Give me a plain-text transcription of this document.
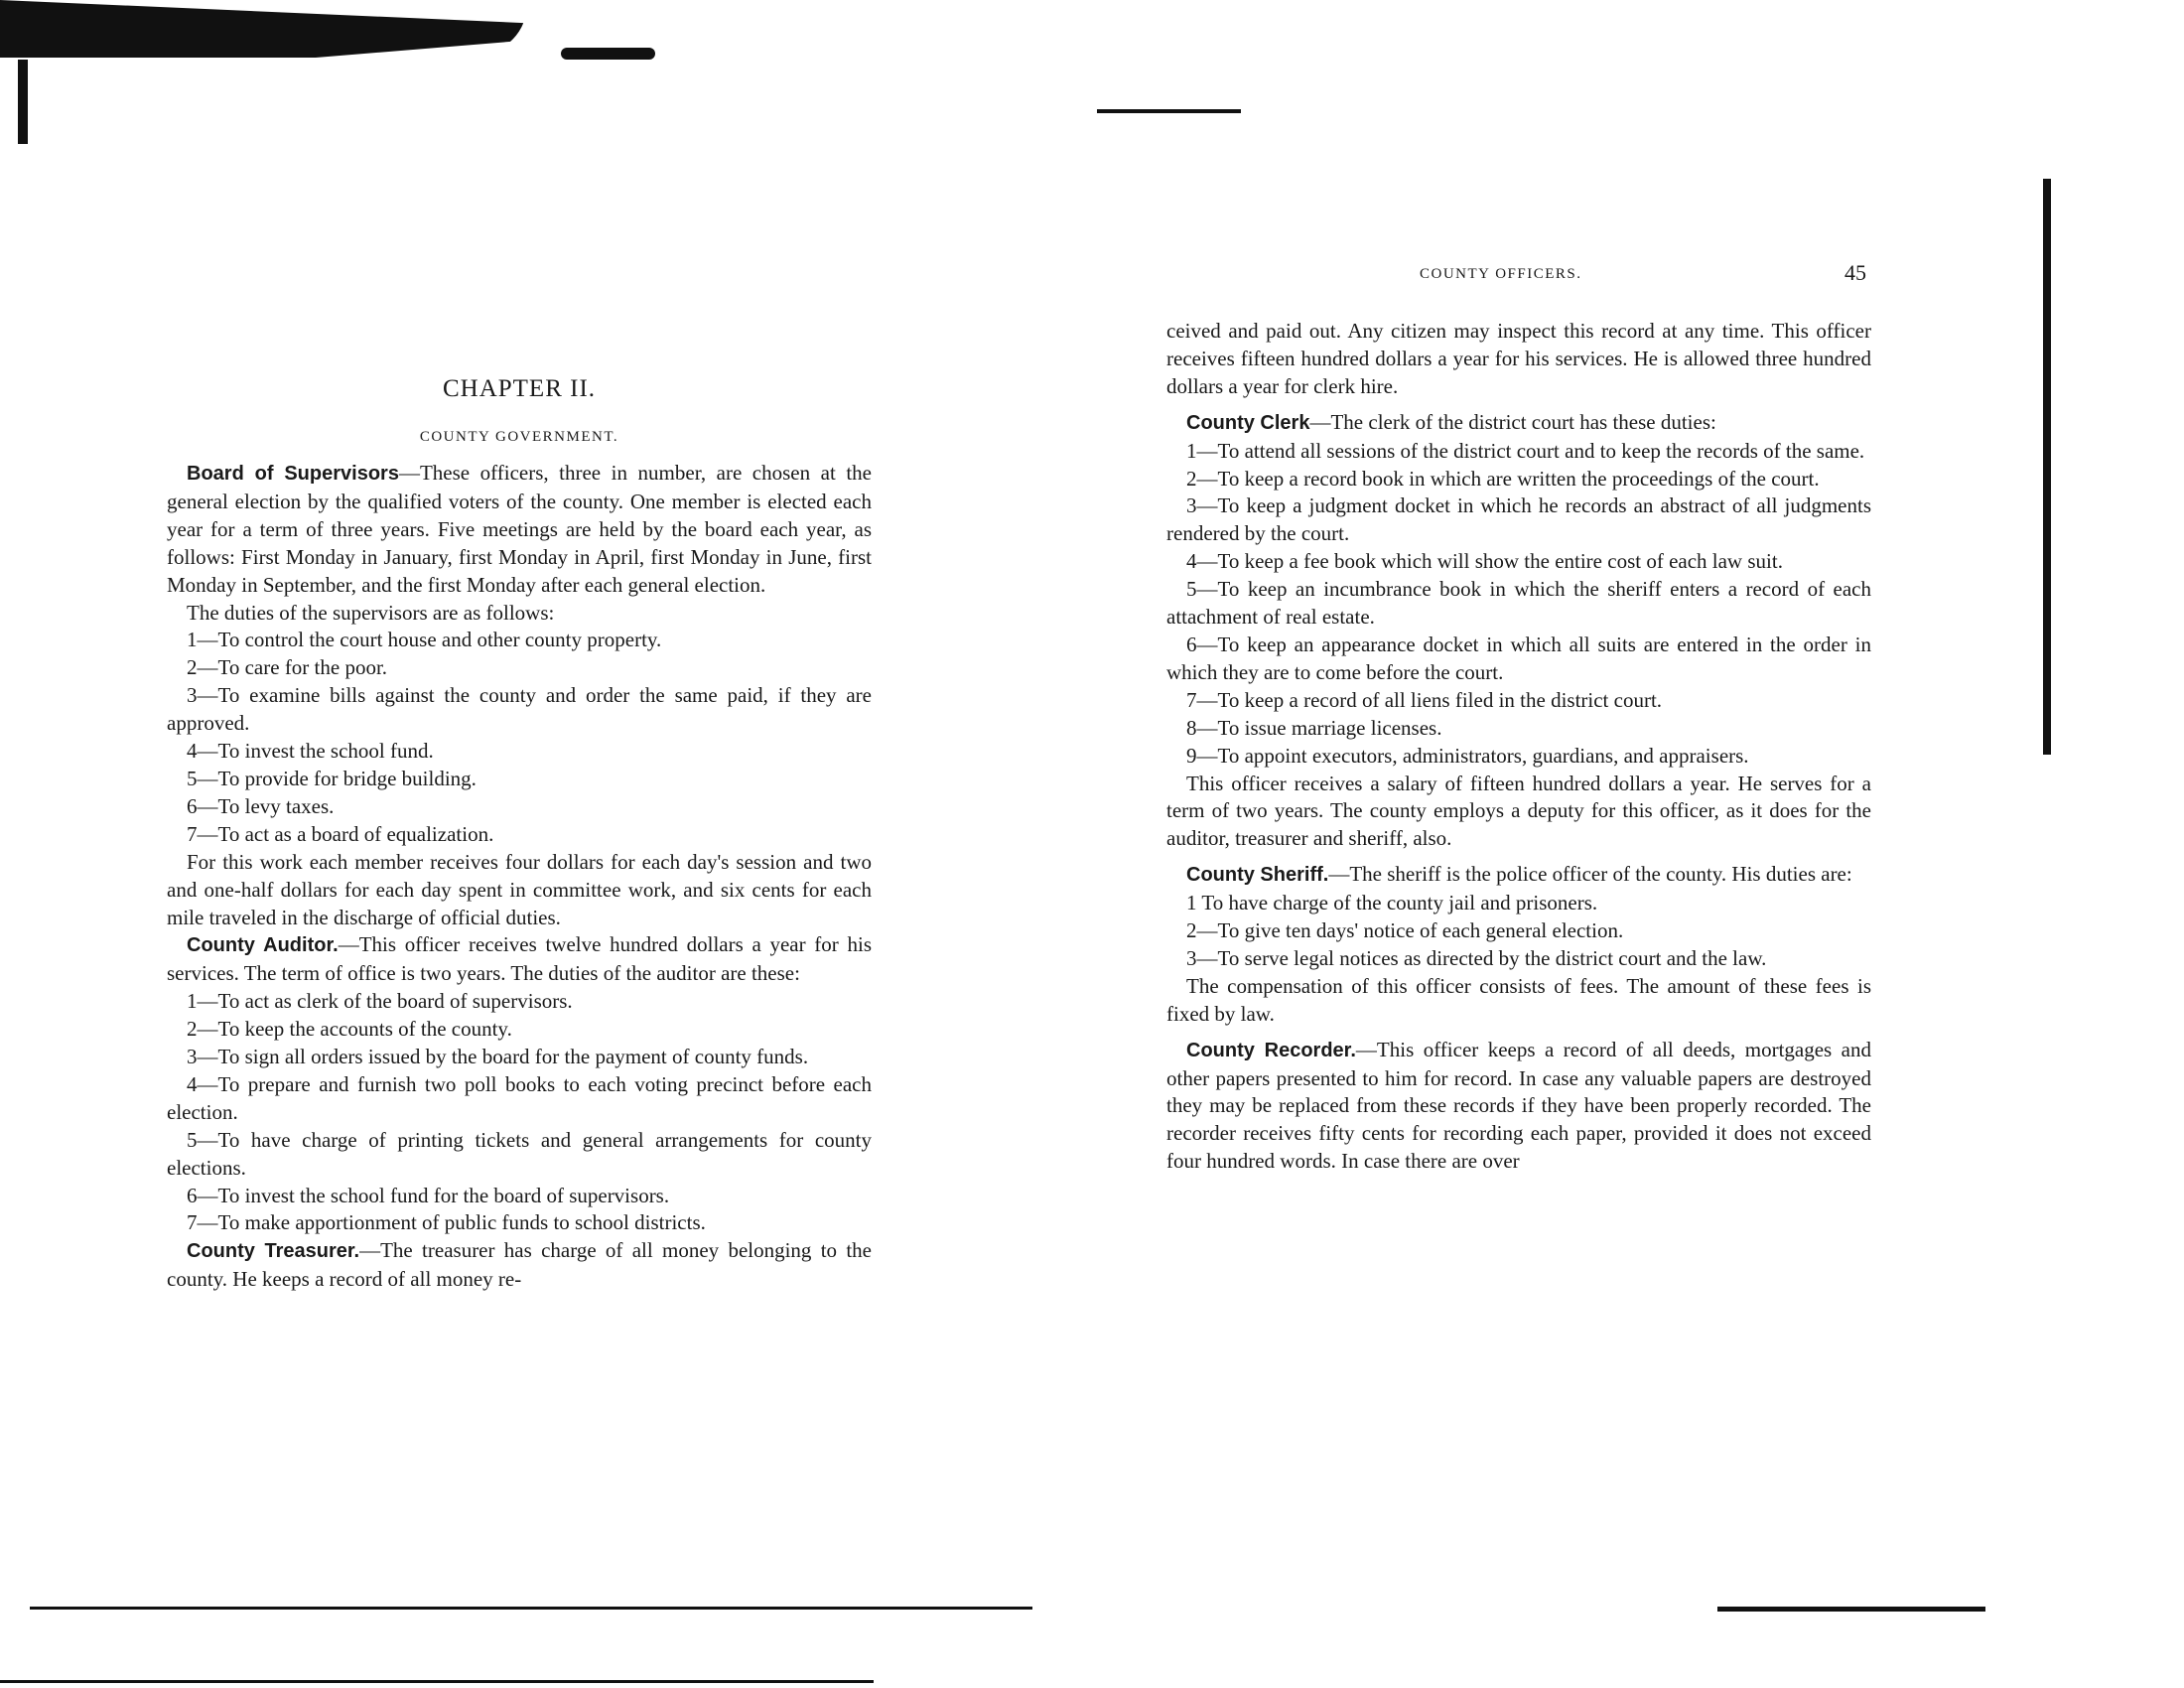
COUNTY OFFICERS.	45
CHAPTER II.
COUNTY GOVERNMENT.

Board of Supervisors—These officers, three in number, are chosen at the general election by the qualified voters of the county. One member is elected each year for a term of three years. Five meetings are held by the board each year, as follows: First Monday in January, first Monday in April, first Monday in June, first Monday in September, and the first Monday after each general election.

The duties of the supervisors are as follows:

1—To control the court house and other county property.

2—To care for the poor.

3—To examine bills against the county and order the same paid, if they are approved.

4—To invest the school fund.

5—To provide for bridge building.

6—To levy taxes.

7—To act as a board of equalization.

For this work each member receives four dollars for each day's session and two and one-half dollars for each day spent in committee work, and six cents for each mile traveled in the discharge of official duties.

County Auditor.—This officer receives twelve hundred dollars a year for his services. The term of office is two years. The duties of the auditor are these:

1—To act as clerk of the board of supervisors.

2—To keep the accounts of the county.

3—To sign all orders issued by the board for the payment of county funds.

4—To prepare and furnish two poll books to each voting precinct before each election.

5—To have charge of printing tickets and general arrangements for county elections.

6—To invest the school fund for the board of supervisors.

7—To make apportionment of public funds to school districts.

County Treasurer.—The treasurer has charge of all money belonging to the county. He keeps a record of all money re-

ceived and paid out. Any citizen may inspect this record at any time. This officer receives fifteen hundred dollars a year for his services. He is allowed three hundred dollars a year for clerk hire.

County Clerk—The clerk of the district court has these duties:

1—To attend all sessions of the district court and to keep the records of the same.

2—To keep a record book in which are written the proceedings of the court.

3—To keep a judgment docket in which he records an abstract of all judgments rendered by the court.

4—To keep a fee book which will show the entire cost of each law suit.

5—To keep an incumbrance book in which the sheriff enters a record of each attachment of real estate.

6—To keep an appearance docket in which all suits are entered in the order in which they are to come before the court.

7—To keep a record of all liens filed in the district court.

8—To issue marriage licenses.

9—To appoint executors, administrators, guardians, and appraisers.

This officer receives a salary of fifteen hundred dollars a year. He serves for a term of two years. The county employs a deputy for this officer, as it does for the auditor, treasurer and sheriff, also.

County Sheriff.—The sheriff is the police officer of the county. His duties are:

1 To have charge of the county jail and prisoners.

2—To give ten days' notice of each general election.

3—To serve legal notices as directed by the district court and the law.

The compensation of this officer consists of fees. The amount of these fees is fixed by law.

County Recorder.—This officer keeps a record of all deeds, mortgages and other papers presented to him for record. In case any valuable papers are destroyed they may be replaced from these records if they have been properly recorded. The recorder receives fifty cents for recording each paper, provided it does not exceed four hundred words. In case there are over
